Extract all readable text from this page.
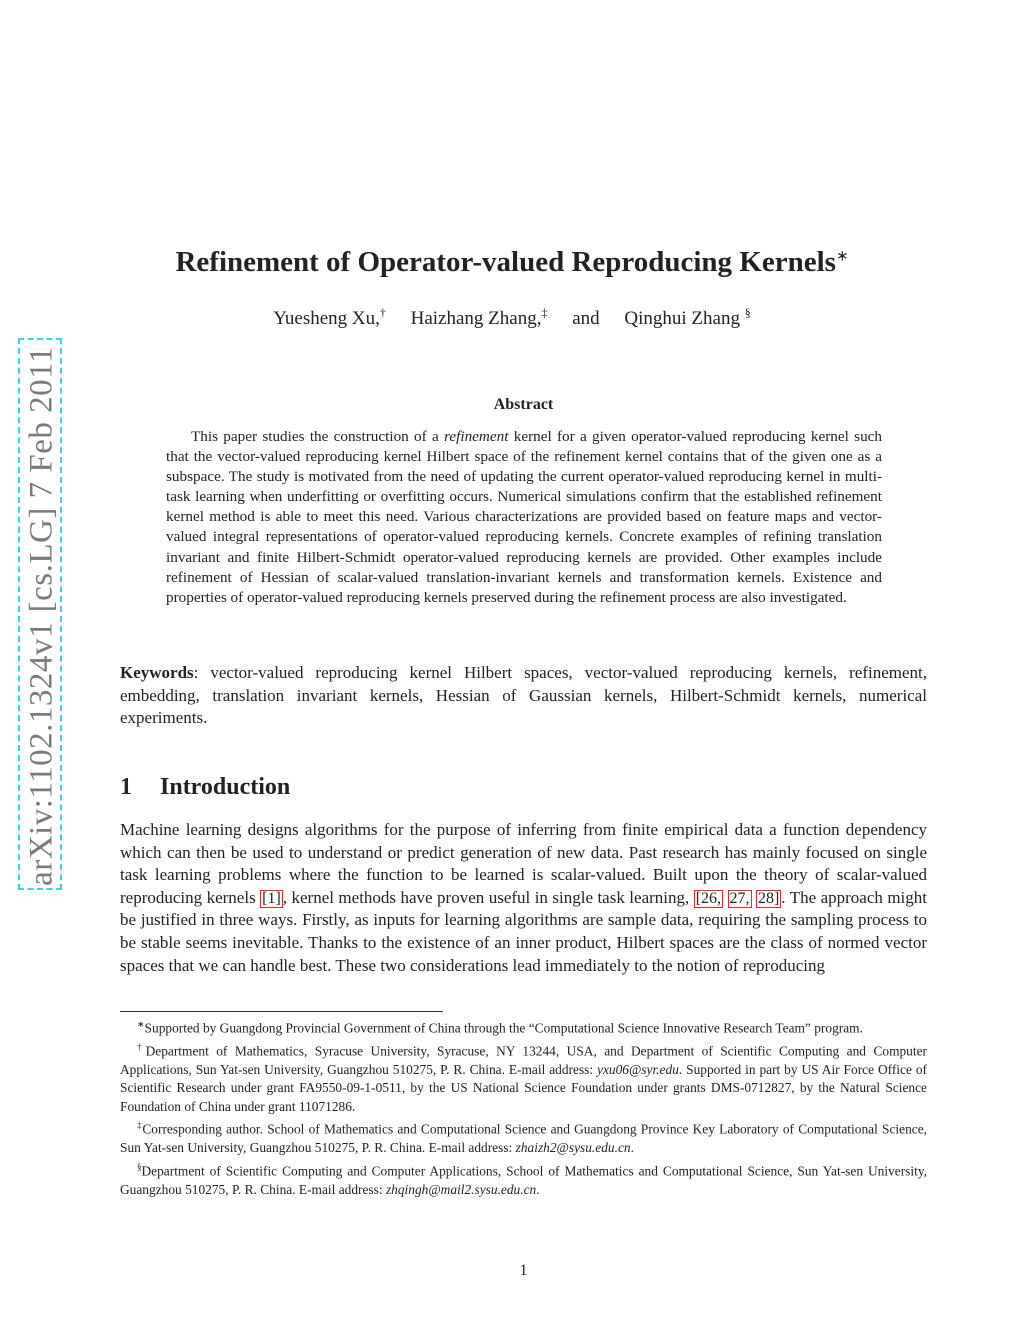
arXiv:1102.1324v1 [cs.LG] 7 Feb 2011
Refinement of Operator-valued Reproducing Kernels∗
Yuesheng Xu,† Haizhang Zhang,‡ and Qinghui Zhang §
Abstract

This paper studies the construction of a refinement kernel for a given operator-valued reproducing kernel such that the vector-valued reproducing kernel Hilbert space of the refinement kernel contains that of the given one as a subspace. The study is motivated from the need of updating the current operator-valued reproducing kernel in multi-task learning when underfitting or overfitting occurs. Numerical simulations confirm that the established refinement kernel method is able to meet this need. Various characterizations are provided based on feature maps and vector-valued integral representations of operator-valued reproducing kernels. Concrete examples of refining translation invariant and finite Hilbert-Schmidt operator-valued reproducing kernels are provided. Other examples include refinement of Hessian of scalar-valued translation-invariant kernels and transformation kernels. Existence and properties of operator-valued reproducing kernels preserved during the refinement process are also investigated.

Keywords: vector-valued reproducing kernel Hilbert spaces, vector-valued reproducing kernels, refinement, embedding, translation invariant kernels, Hessian of Gaussian kernels, Hilbert-Schmidt kernels, numerical experiments.

1 Introduction

Machine learning designs algorithms for the purpose of inferring from finite empirical data a function dependency which can then be used to understand or predict generation of new data. Past research has mainly focused on single task learning problems where the function to be learned is scalar-valued. Built upon the theory of scalar-valued reproducing kernels [1] , kernel methods have proven useful in single task learning, [26, 27, 28] . The approach might be justified in three ways. Firstly, as inputs for learning algorithms are sample data, requiring the sampling process to be stable seems inevitable. Thanks to the existence of an inner product, Hilbert spaces are the class of normed vector spaces that we can handle best. These two considerations lead immediately to the notion of reproducing

∗Supported by Guangdong Provincial Government of China through the “Computational Science Innovative Research Team” program.

†Department of Mathematics, Syracuse University, Syracuse, NY 13244, USA, and Department of Scientific Computing and Computer Applications, Sun Yat-sen University, Guangzhou 510275, P. R. China. E-mail address: yxu06@syr.edu. Supported in part by US Air Force Office of Scientific Research under grant FA9550-09-1-0511, by the US National Science Foundation under grants DMS-0712827, by the Natural Science Foundation of China under grant 11071286.

‡Corresponding author. School of Mathematics and Computational Science and Guangdong Province Key Laboratory of Computational Science, Sun Yat-sen University, Guangzhou 510275, P. R. China. E-mail address: zhaizh2@sysu.edu.cn.

§Department of Scientific Computing and Computer Applications, School of Mathematics and Computational Science, Sun Yat-sen University, Guangzhou 510275, P. R. China. E-mail address: zhqingh@mail2.sysu.edu.cn.

1
